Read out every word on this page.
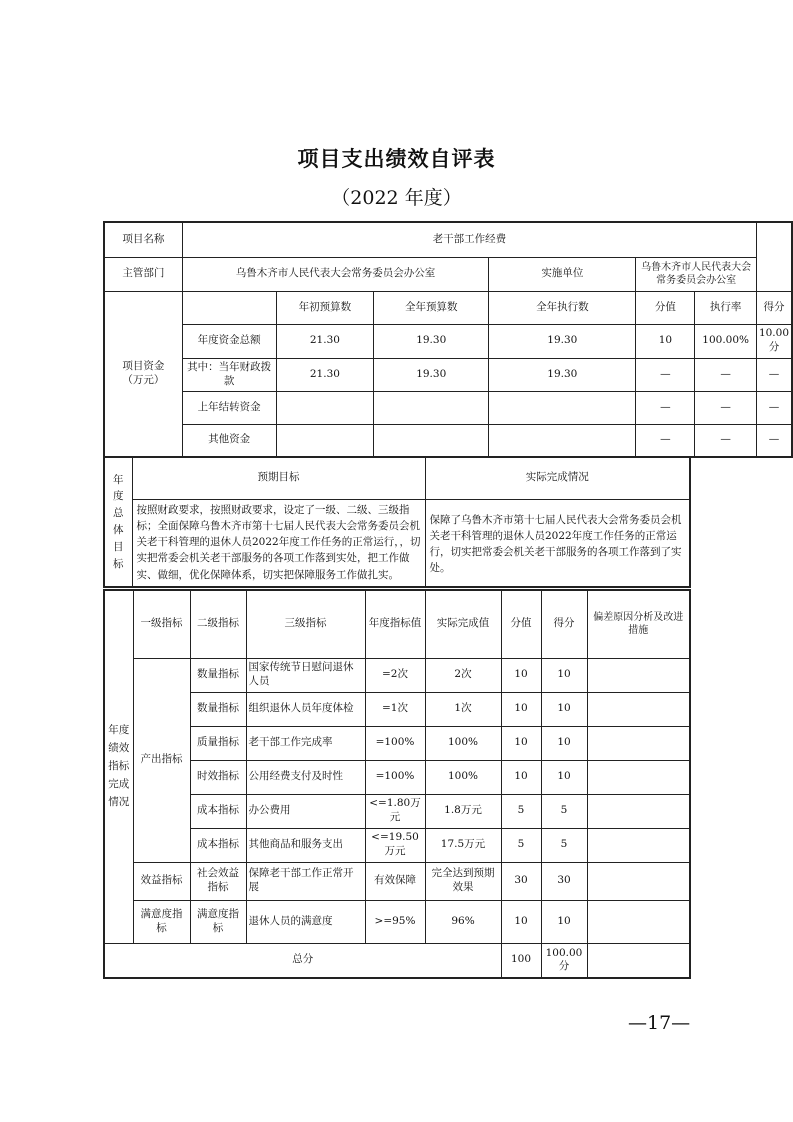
项目支出绩效自评表
（2022 年度）
项目名称	老干部工作经费						
主管部门	乌鲁木齐市人民代表大会常务委员会办公室			实施单位	乌鲁木齐市人民代表大会常务委员会办公室		
项目资金
（万元）		年初预算数	全年预算数	全年执行数	分值	执行率	得分
	年度资金总额	21.30	19.30	19.30	10	100.00%	10.00分
	其中：当年财政拨款	21.30	19.30	19.30	—	—	—
	上年结转资金				—	—	—
	其他资金				—	—	—
年度总体目标	预期目标	实际完成情况
	按照财政要求，按照财政要求，设定了一级、二级、三级指标；全面保障乌鲁木齐市第十七届人民代表大会常务委员会机关老干科管理的退休人员2022年度工作任务的正常运行，，切实把常委会机关老干部服务的各项工作落到实处，把工作做实、做细，优化保障体系，切实把保障服务工作做扎实。	保障了乌鲁木齐市第十七届人民代表大会常务委员会机关老干科管理的退休人员2022年度工作任务的正常运行，切实把常委会机关老干部服务的各项工作落到了实处。
年度绩效指标完成情况	一级指标	二级指标	三级指标	年度指标值	实际完成值	分值	得分	偏差原因分析及改进措施
	产出指标	数量指标	国家传统节日慰问退休人员	=2次	2次	10	10	
		数量指标	组织退休人员年度体检	=1次	1次	10	10	
		质量指标	老干部工作完成率	=100%	100%	10	10	
		时效指标	公用经费支付及时性	=100%	100%	10	10	
		成本指标	办公费用	<=1.80万元	1.8万元	5	5	
		成本指标	其他商品和服务支出	<=19.50万元	17.5万元	5	5	
	效益指标	社会效益指标	保障老干部工作正常开展	有效保障	完全达到预期效果	30	30	
	满意度指标	满意度指标	退休人员的满意度	>=95%	96%	10	10	
总分						100	100.00分	
—17—
